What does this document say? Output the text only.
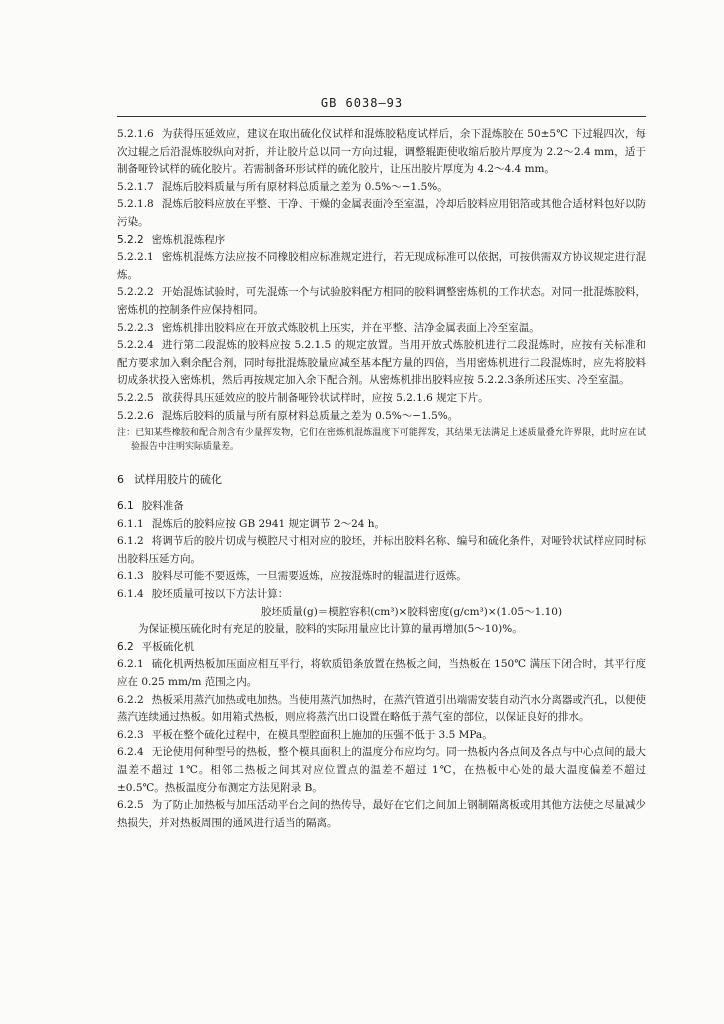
GB 6038—93

5.2.1.6 为获得压延效应，建议在取出硫化仪试样和混炼胶粘度试样后，余下混炼胶在 50±5℃ 下过辊四次，每次过辊之后沿混炼胶纵向对折，并让胶片总以同一方向过辊，调整辊距使收缩后胶片厚度为 2.2～2.4 mm，适于制备哑铃试样的硫化胶片。若需制备环形试样的硫化胶片，让压出胶片厚度为 4.2～4.4 mm。

5.2.1.7 混炼后胶料质量与所有原材料总质量之差为 0.5%～−1.5%。

5.2.1.8 混炼后胶料应放在平整、干净、干燥的金属表面冷至室温，冷却后胶料应用铝箔或其他合适材料包好以防污染。

5.2.2 密炼机混炼程序

5.2.2.1 密炼机混炼方法应按不同橡胶相应标准规定进行，若无现成标准可以依据，可按供需双方协议规定进行混炼。

5.2.2.2 开始混炼试验时，可先混炼一个与试验胶料配方相同的胶料调整密炼机的工作状态。对同一批混炼胶料，密炼机的控制条件应保持相同。

5.2.2.3 密炼机排出胶料应在开放式炼胶机上压实，并在平整、洁净金属表面上冷至室温。

5.2.2.4 进行第二段混炼的胶料应按 5.2.1.5 的规定放置。当用开放式炼胶机进行二段混炼时，应按有关标准和配方要求加入剩余配合剂，同时每批混炼胶量应减至基本配方量的四倍，当用密炼机进行二段混炼时，应先将胶料切成条状投入密炼机，然后再按规定加入余下配合剂。从密炼机排出胶料应按 5.2.2.3条所述压实、冷至室温。

5.2.2.5 欲获得具压延效应的胶片制备哑铃状试样时，应按 5.2.1.6 规定下片。

5.2.2.6 混炼后胶料的质量与所有原材料总质量之差为 0.5%～−1.5%。

注：已知某些橡胶和配合剂含有少量挥发物，它们在密炼机混炼温度下可能挥发，其结果无法满足上述质量叠允许界限，此时应在试验报告中注明实际质量差。

6 试样用胶片的硫化

6.1 胶料准备

6.1.1 混炼后的胶料应按 GB 2941 规定调节 2～24 h。

6.1.2 将调节后的胶片切成与模腔尺寸相对应的胶坯，并标出胶料名称、编号和硫化条件，对哑铃状试样应同时标出胶料压延方向。

6.1.3 胶料尽可能不要返炼，一旦需要返炼，应按混炼时的辊温进行返炼。

6.1.4 胶坯质量可按以下方法计算：

胶坯质量(g)＝模腔容积(cm³)×胶料密度(g/cm³)×(1.05～1.10)

为保证模压硫化时有充足的胶量，胶料的实际用量应比计算的量再增加(5～10)%。

6.2 平板硫化机

6.2.1 硫化机两热板加压面应相互平行，将软质铅条放置在热板之间，当热板在 150℃ 满压下闭合时，其平行度应在 0.25 mm/m 范围之内。

6.2.2 热板采用蒸汽加热或电加热。当使用蒸汽加热时，在蒸汽管道引出端需安装自动汽水分离器或汽孔，以便使蒸汽连续通过热板。如用箱式热板，则应将蒸汽出口设置在略低于蒸气室的部位，以保证良好的排水。

6.2.3 平板在整个硫化过程中，在模具型腔面积上施加的压强不低于 3.5 MPa。

6.2.4 无论使用何种型号的热板，整个模具面积上的温度分布应均匀。同一热板内各点间及各点与中心点间的最大温差不超过 1℃。相邻二热板之间其对应位置点的温差不超过 1℃，在热板中心处的最大温度偏差不超过±0.5℃。热板温度分布测定方法见附录 B。

6.2.5 为了防止加热板与加压活动平台之间的热传导，最好在它们之间加上钢制隔离板或用其他方法使之尽量减少热损失，并对热板周围的通风进行适当的隔离。
